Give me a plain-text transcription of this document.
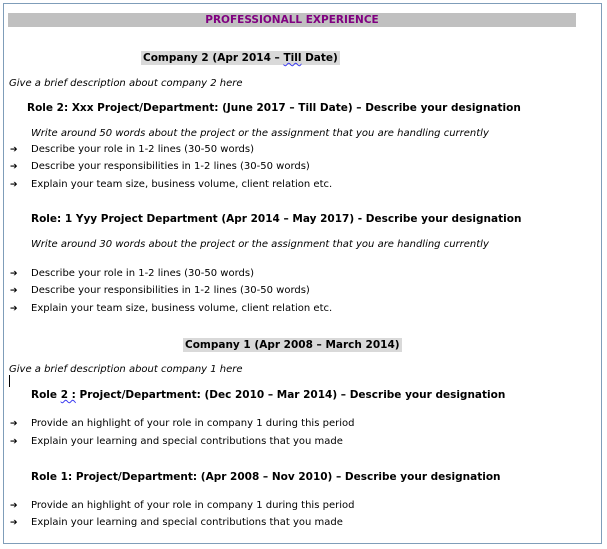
PROFESSIONALL EXPERIENCE
Company 2 (Apr 2014 – Till Date)
Give a brief description about company 2 here
Role 2: Xxx Project/Department: (June 2017 – Till Date) – Describe your designation
Write around 50 words about the project or the assignment that you are handling currently
➔	Describe your role in 1-2 lines (30-50 words)
➔	Describe your responsibilities in 1-2 lines (30-50 words)
➔	Explain your team size, business volume, client relation etc.
Role: 1 Yyy Project Department (Apr 2014 – May 2017) - Describe your designation
Write around 30 words about the project or the assignment that you are handling currently
➔	Describe your role in 1-2 lines (30-50 words)
➔	Describe your responsibilities in 1-2 lines (30-50 words)
➔	Explain your team size, business volume, client relation etc.
Company 1 (Apr 2008 – March 2014)
Give a brief description about company 1 here
Role 2 : Project/Department: (Dec 2010 – Mar 2014) – Describe your designation
➔	Provide an highlight of your role in company 1 during this period
➔	Explain your learning and special contributions that you made
Role 1: Project/Department: (Apr 2008 – Nov 2010) – Describe your designation
➔	Provide an highlight of your role in company 1 during this period
➔	Explain your learning and special contributions that you made
